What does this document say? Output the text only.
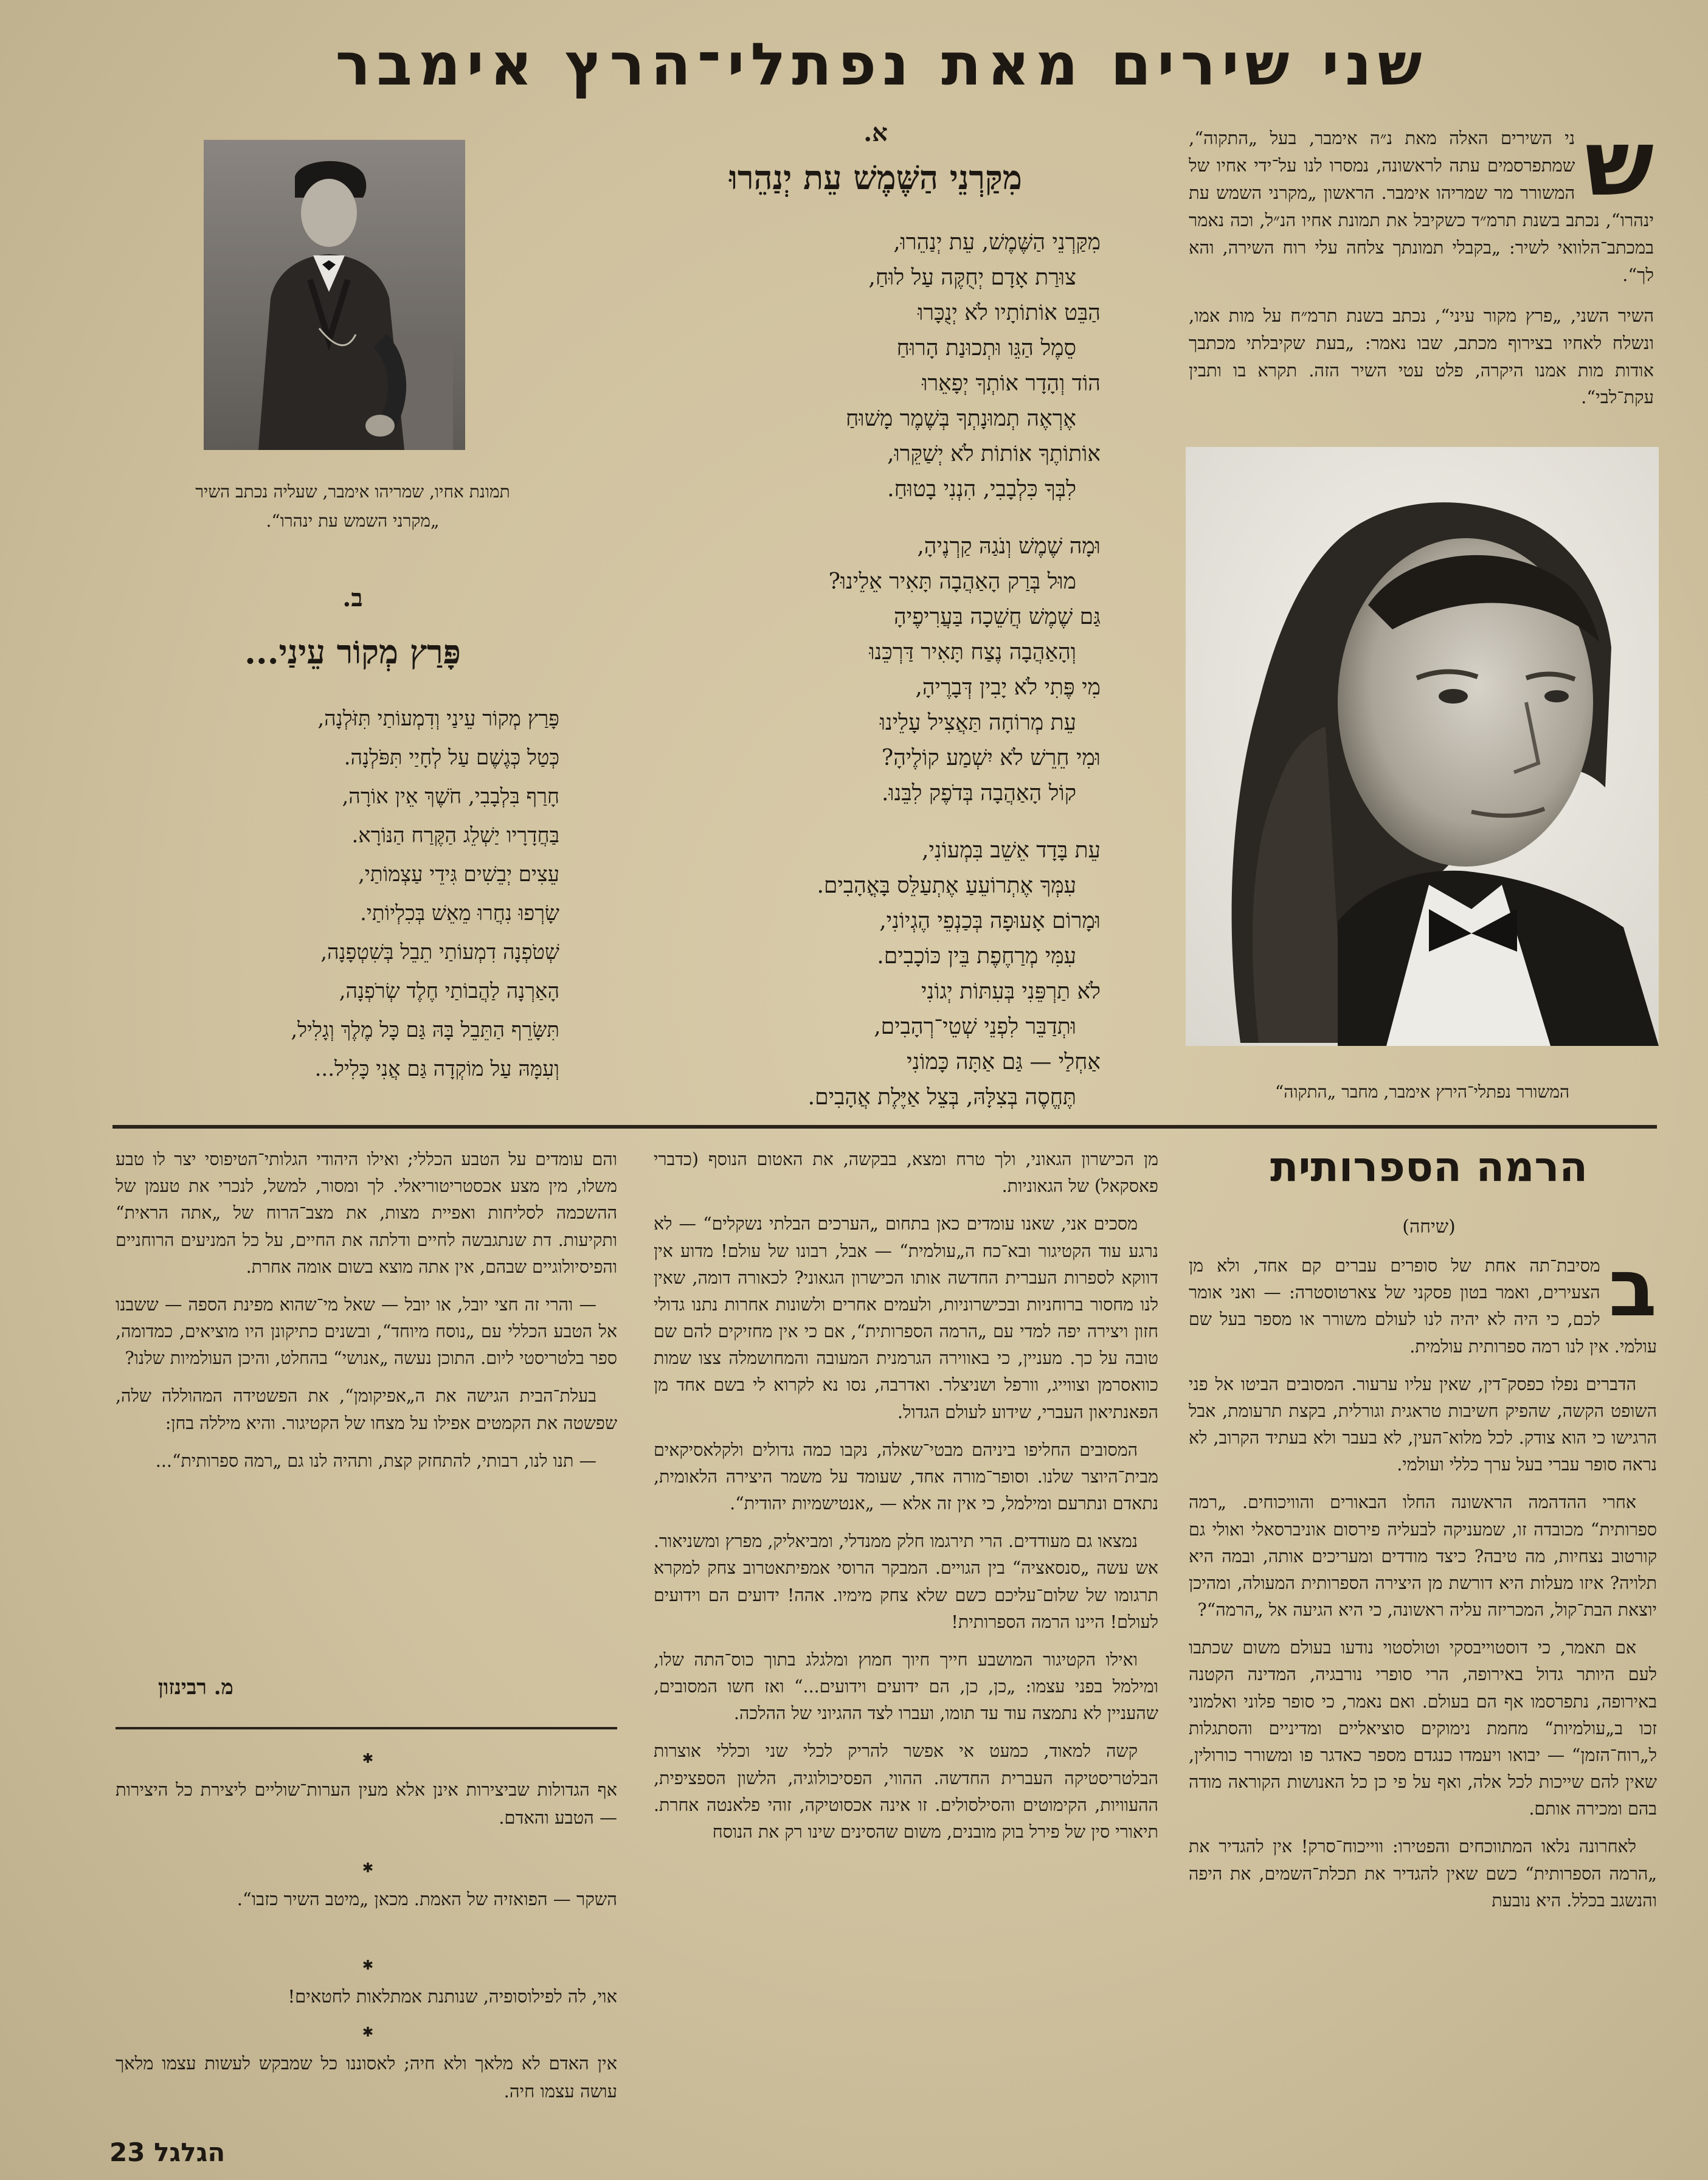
שני שירים מאת נפתלי־הרץ אימבר

ש
ני השירים האלה מאת נ״ה אימבר, בעל „התקוה“, שמתפרסמים עתה לראשונה, נמסרו לנו על־ידי אחיו של המשורר מר שמריהו אימבר. הראשון „מקרני השמש עת ינהרו“, נכתב בשנת תרמ״ד כשקיבל את תמונת אחיו הנ״ל, וכה נאמר במכתב־הלוואי לשיר: „בקבלי תמונתך צלחה עלי רוח השירה, והא לך“.

השיר השני, „פרץ מקור עיני“, נכתב בשנת תרמ״ח על מות אמו, ונשלח לאחיו בצירוף מכתב, שבו נאמר: „בעת שקיבלתי מכתבך אודות מות אמנו היקרה, פלט עטי השיר הזה. תקרא בו ותבין עקת־לבי“.

המשורר נפתלי־הירץ אימבר, מחבר „התקוה“
תמונת אחיו, שמריהו אימבר, שעליה נכתב השיר „מקרני השמש עת ינהרו“.
א.
מִקַּרְנֵי הַשֶּׁמֶשׁ עֵת יְנַהֵרוּ
מִקַּרְנֵי הַשֶּׁמֶשׁ, עֵת יְנַהֵרוּ,
צוּרַת אָדָם יְחֻקֶּה עַל לוּחַ,
הַבֵּט אוֹתוֹתָיו לֹא יְנֻכָּרוּ
סֵמֶל הַגֵּו וּתְכוּנַת הָרוּחַ
הוֹד וְהָדָר אוֹתְךָ יְפָאֵרוּ
אֶרְאֶה תְמוּנָתְךָ בְּשֶׁמֶר מָשׁוּחַ
אוֹתוֹתֶךָ אוֹתוֹת לֹא יְשַׁקֵּרוּ,
לִבְּךָ כִּלְבָבִי, הִנְנִי בָטוּחַ.
וּמָה שֶׁמֶשׁ וְנֹגַהּ קַרְנֶיהָ,
מוּל בְּרַק הָאַהֲבָה תָּאִיר אֵלֵינוּ?
גַּם שֶׁמֶשׁ חֲשֵׁכָה בַּעֲרִיפֶיהָ
וְהָאַהֲבָה נֶצַח תָּאִיר דַּרְכֵּנוּ
מִי פֶּתִי לֹא יָבִין דְּבָרֶיהָ,
עֵת מְרוֹחָה תַּאֲצִיל עָלֵינוּ
וּמִי חֵרֵשׁ לֹא יִשְׁמַע קוֹלֶיהָ?
קוֹל הָאַהֲבָה בְּדֹפֶק לִבֵּנוּ.
עֵת בָּדָד אֵשֵׁב בִּמְעוֹנִי,
עִמְּךָ אֶתְרוֹעֵעַ אֶתְעַלֵּס בָּאֳהָבִים.
וּמָרוֹם אָעוּפָה בְּכַנְפֵי הֶגְיוֹנִי,
עִמִּי מְרַחֶפֶת בֵּין כּוֹכָבִים.
לֹא תַרְפֵּנִי בְּעִתּוֹת יְגוֹנִי
וּתְדַבֵּר לִפְנֵי שְׁטֵי־רְהָבִים,
אַחְלַי — גַּם אַתָּה כָּמוֹנִי
תֶּחֱסֶה בְּצִלָּהּ, בְּצֵל אַיֶּלֶת אֲהָבִים.
ב.
פָּרַץ מְקוֹר עֵינַי...
פָּרַץ מְקוֹר עֵינַי וְדִמְעוֹתַי תִּזֹּלְנָה,
כְּטַל כְּגֶשֶׁם עַל לְחָיַי תִּפֹּלְנָה.
חָרַף בִּלְבָבִי, חֹשֶׁךְ אֵין אוֹרָה,
בַּחֲדָרָיו יַשְׁלֵג הַקֶּרַח הַנּוֹרָא.
עֵצִים יְבֵשִׁים גִּידֵי עַצְמוֹתַי,
שָׂרְפוּ נִחֲרוּ מֵאֵשׁ בְּכִלְיוֹתַי.
שְׁטֹפְנָה דִמְעוֹתַי תֵבֵל בְּשִׁטְפָנָה,
הָאַרְנָה לַהֲבוֹתַי חֶלֶד שְׂרֹפְנָה,
תִּשָּׂרֵף הַתֵּבֵל בָּהּ גַּם כָּל מֶלֶךְ וְגָלִיל,
וְעִמָּהּ עַל מוֹקְדָה גַּם אֲנִי כָּלִיל...
הרמה הספרותית
(שיחה)

ב
מסיבת־תה אחת של סופרים עברים קם אחד, ולא מן הצעירים, ואמר בטון פסקני של צארטוסטרה: — ואני אומר לכם, כי היה לא יהיה לנו לעולם משורר או מספר בעל שם עולמי. אין לנו רמה ספרותית עולמית.

הדברים נפלו כפסק־דין, שאין עליו ערעור. המסובים הביטו אל פני השופט הקשה, שהפיק חשיבות טראגית וגורלית, בקצת תרעומת, אבל הרגישו כי הוא צודק. לכל מלוא־העין, לא בעבר ולא בעתיד הקרוב, לא נראה סופר עברי בעל ערך כללי ועולמי.

אחרי ההדהמה הראשונה החלו הבאורים והוויכוחים. „רמה ספרותית“ מכובדה זו, שמעניקה לבעליה פירסום אוניברסאלי ואולי גם קורטוב נצחיות, מה טיבה? כיצד מודדים ומעריכים אותה, ובמה היא תלויה? איזו מעלות היא דורשת מן היצירה הספרותית המעולה, ומהיכן יוצאת הבת־קול, המכריזה עליה ראשונה, כי היא הגיעה אל „הרמה“?

אם תאמר, כי דוסטוייבסקי וטולסטוי נודעו בעולם משום שכתבו לעם היותר גדול באירופה, הרי סופרי נורבגיה, המדינה הקטנה באירופה, נתפרסמו אף הם בעולם. ואם נאמר, כי סופר פלוני ואלמוני זכו ב„עולמיות“ מחמת נימוקים סוציאליים ומדיניים והסתגלות ל„רוח־הזמן“ — יבואו ויעמדו כנגדם מספר כאדגר פו ומשורר כורולין, שאין להם שייכות לכל אלה, ואף על פי כן כל האנושות הקוראה מודה בהם ומכירה אותם.

לאחרונה נלאו המתווכחים והפטירו: ווייכוח־סרק! אין להגדיר את „הרמה הספרותית“ כשם שאין להגדיר את תכלת־השמים, את היפה והנשגב בכלל. היא נובעת

מן הכישרון הגאוני, ולך טרח ומצא, בבקשה, את האטום הנוסף (כדברי פאסקאל) של הגאוניות.

מסכים אני, שאנו עומדים כאן בתחום „הערכים הבלתי נשקלים“ — לא נרגע עוד הקטיגור ובא־כח ה„עולמית“ — אבל, רבונו של עולם! מדוע אין דווקא לספרות העברית החדשה אותו הכישרון הגאוני? לכאורה דומה, שאין לנו מחסור ברוחניות ובכישרוניות, ולעמים אחרים ולשונות אחרות נתנו גדולי חזון ויצירה יפה למדי עם „הרמה הספרותית“, אם כי אין מחזיקים להם שם טובה על כך. מעניין, כי באווירה הגרמנית המעובה והמחושמלה צצו שמות כוואסרמן וצווייג, וורפל ושניצלר. ואדרבה, נסו נא לקרוא לי בשם אחד מן הפאנתיאון העברי, שידוע לעולם הגדול.

המסובים החליפו ביניהם מבטי־שאלה, נקבו כמה גדולים ולקלאסיקאים מבית־היוצר שלנו. וסופר־מורה אחד, שעומד על משמר היצירה הלאומית, נתאדם ונתרעם ומילמל, כי אין זה אלא — „אנטישמיות יהודית“.

נמצאו גם מעודדים. הרי תירגמו חלק ממנדלי, ומביאליק, מפרץ ומשניאור. אש עשה „סנסאציה“ בין הגויים. המבקר הרוסי אמפיתאטרוב צחק למקרא תרגומו של שלום־עליכם כשם שלא צחק מימיו. אהה! ידועים הם וידועים לעולם! היינו הרמה הספרותית!

ואילו הקטיגור המושבע חייך חיוך חמוץ ומלגלג בתוך כוס־התה שלו, ומילמל בפני עצמו: „כן, כן, הם ידועים וידועים...“ ואז חשו המסובים, שהעניין לא נתמצה עוד עד תומו, ועברו לצד ההגיוני של ההלכה.

קשה למאוד, כמעט אי אפשר להריק לכלי שני וכללי אוצרות הבלטריסטיקה העברית החדשה. ההווי, הפסיכולוגיה, הלשון הספציפית, ההעוויות, הקימוטים והסילסולים. זו אינה אכסוטיקה, זוהי פלאנטה אחרת. תיאורי סין של פירל בוק מובנים, משום שהסינים שינו רק את הנוסח

והם עומדים על הטבע הכללי; ואילו היהודי הגלותי־הטיפוסי יצר לו טבע משלו, מין מצע אכסטריטוריאלי. לך ומסור, למשל, לנכרי את טעמן של ההשכמה לסליחות ואפיית מצות, את מצב־הרוח של „אתה הראית“ ותקיעות. דת שנתגבשה לחיים ודלתה את החיים, על כל המניעים הרוחניים והפיסיולוגיים שבהם, אין אתה מוצא בשום אומה אחרת.

— והרי זה חצי יובל, או יובל — שאל מי־שהוא מפינת הספה — ששבנו אל הטבע הכללי עם „נוסח מיוחד“, ובשנים כתיקונן היו מוציאים, כמדומה, ספר בלטריסטי ליום. התוכן נעשה „אנושי“ בהחלט, והיכן העולמיות שלנו?

בעלת־הבית הגישה את ה„אפיקומן“, את הפשטידה המהוללה שלה, שפשטה את הקמטים אפילו על מצחו של הקטיגור. והיא מיללה בחן:

— תנו לנו, רבותי, להתחזק קצת, ותהיה לנו גם „רמה ספרותית“...

מ. רבינזון
✱
אף הגדולות שביצירות אינן אלא מעין הערות־שוליים ליצירת כל היצירות — הטבע והאדם.
✱
השקר — הפואזיה של האמת. מכאן „מיטב השיר כזבו“.
✱
אוי, לה לפילוסופיה, שנותנת אמתלאות לחטאים!
✱
אין האדם לא מלאך ולא חיה; לאסוננו כל שמבקש לעשות עצמו מלאך עושה עצמו חיה.
הגלגל 23
